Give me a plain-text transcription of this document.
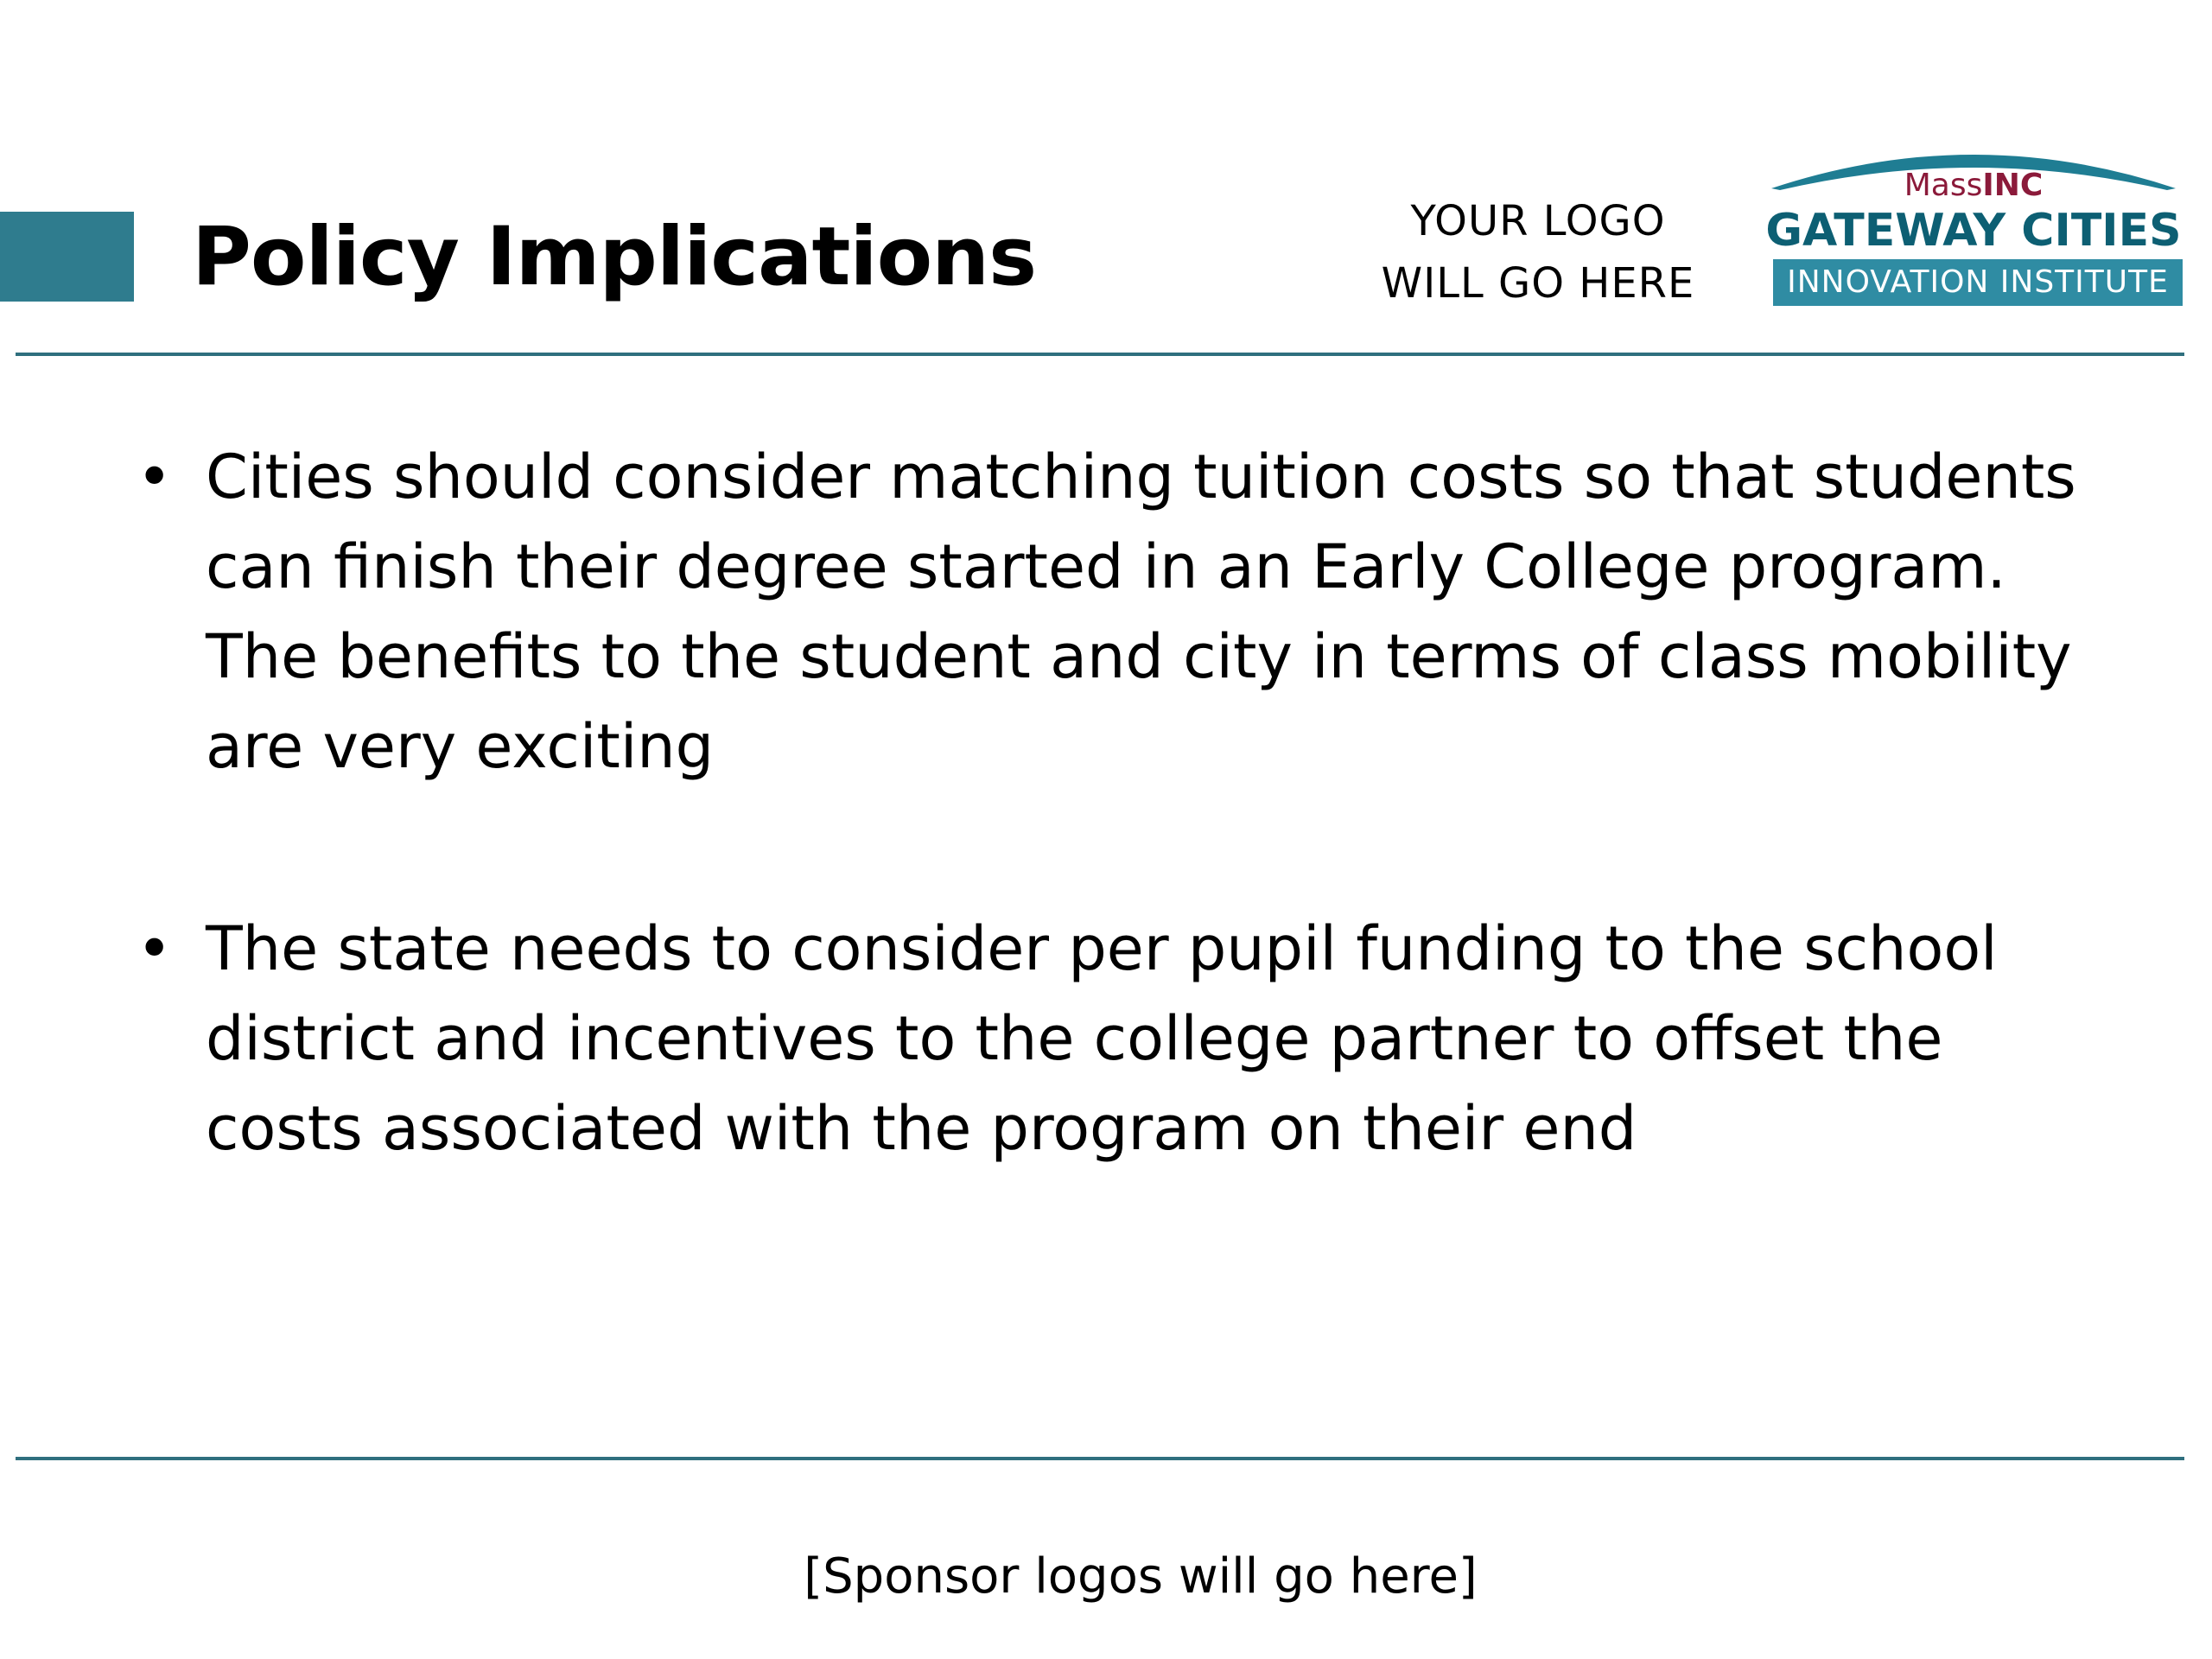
Policy Implications	YOUR LOGO
WILL GO HERE
MassINC
GATEWAY CITIES
INNOVATION INSTITUTE
• Cities should consider matching tuition costs so that students can finish their degree started in an Early College program. The benefits to the student and city in terms of class mobility are very exciting
• The state needs to consider per pupil funding to the school district and incentives to the college partner to offset the costs associated with the program on their end
[Sponsor logos will go here]
